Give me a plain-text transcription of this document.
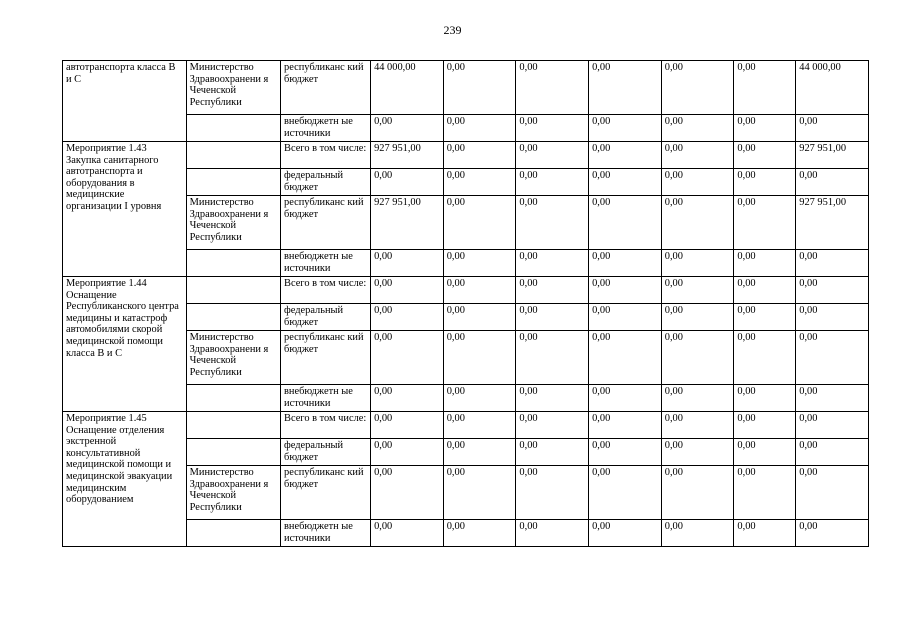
239
автотранспорта класса В и С	Министерство Здравоохранени я Чеченской Республики	республиканс кий бюджет	44 000,00	0,00	0,00	0,00	0,00	0,00	44 000,00
		внебюджетн ые источники	0,00	0,00	0,00	0,00	0,00	0,00	0,00
Мероприятие 1.43 Закупка санитарного автотранспорта и оборудования в медицинские организации I уровня		Всего в том числе:	927 951,00	0,00	0,00	0,00	0,00	0,00	927 951,00
		федеральный бюджет	0,00	0,00	0,00	0,00	0,00	0,00	0,00
	Министерство Здравоохранени я Чеченской Республики	республиканс кий бюджет	927 951,00	0,00	0,00	0,00	0,00	0,00	927 951,00
		внебюджетн ые источники	0,00	0,00	0,00	0,00	0,00	0,00	0,00
Мероприятие 1.44 Оснащение Республиканского центра медицины и катастроф автомобилями скорой медицинской помощи класса В и С		Всего в том числе:	0,00	0,00	0,00	0,00	0,00	0,00	0,00
		федеральный бюджет	0,00	0,00	0,00	0,00	0,00	0,00	0,00
	Министерство Здравоохранени я Чеченской Республики	республиканс кий бюджет	0,00	0,00	0,00	0,00	0,00	0,00	0,00
		внебюджетн ые источники	0,00	0,00	0,00	0,00	0,00	0,00	0,00
Мероприятие 1.45 Оснащение отделения экстренной консультативной медицинской помощи и медицинской эвакуации медицинским оборудованием		Всего в том числе:	0,00	0,00	0,00	0,00	0,00	0,00	0,00
		федеральный бюджет	0,00	0,00	0,00	0,00	0,00	0,00	0,00
	Министерство Здравоохранени я Чеченской Республики	республиканс кий бюджет	0,00	0,00	0,00	0,00	0,00	0,00	0,00
		внебюджетн ые источники	0,00	0,00	0,00	0,00	0,00	0,00	0,00
